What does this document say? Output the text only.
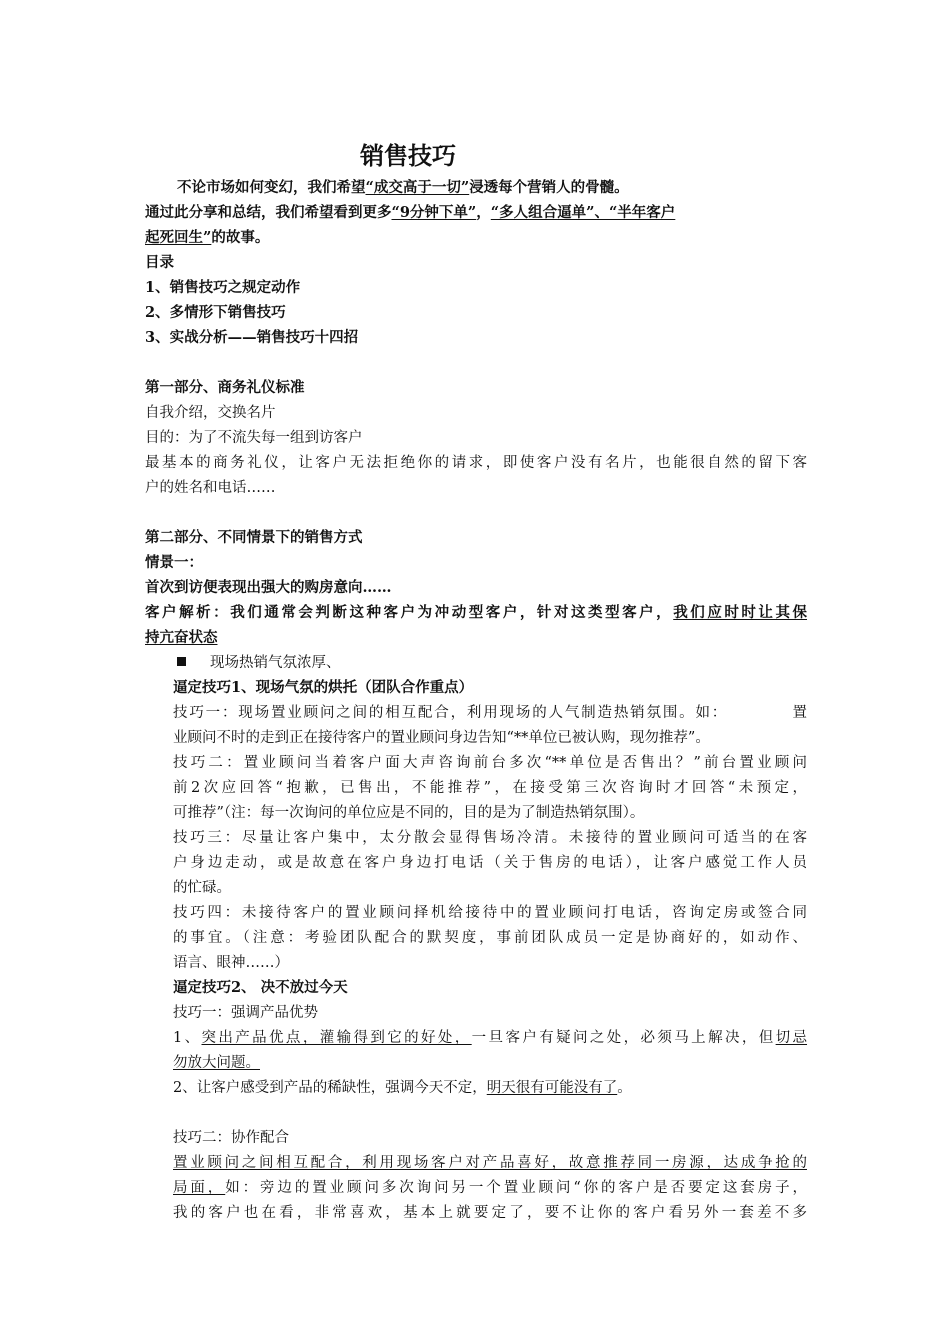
销售技巧
不论市场如何变幻，我们希望“成交高于一切”浸透每个营销人的骨髓。
通过此分享和总结，我们希望看到更多“9分钟下单”，“多人组合逼单”、“半年客户
起死回生”的故事。
目录
1、销售技巧之规定动作
2、多情形下销售技巧
3、实战分析——销售技巧十四招
第一部分、商务礼仪标准
自我介绍，交换名片
目的：为了不流失每一组到访客户
最基本的商务礼仪，让客户无法拒绝你的请求，即使客户没有名片，也能很自然的留下客
户的姓名和电话……
第二部分、不同情景下的销售方式
情景一：
首次到访便表现出强大的购房意向……
客户解析：我们通常会判断这种客户为冲动型客户，针对这类型客户，我们应时时让其保
持亢奋状态
现场热销气氛浓厚、
逼定技巧1、现场气氛的烘托（团队合作重点）
技巧一：现场置业顾问之间的相互配合，利用现场的人气制造热销氛围。如：          置
业顾问不时的走到正在接待客户的置业顾问身边告知“**单位已被认购，现勿推荐”。
技巧二：置业顾问当着客户面大声咨询前台多次“**单位是否售出？”前台置业顾问
前2次应回答“抱歉，已售出，不能推荐”，在接受第三次咨询时才回答“未预定，
可推荐”（注：每一次询问的单位应是不同的，目的是为了制造热销氛围）。
技巧三：尽量让客户集中，太分散会显得售场冷清。未接待的置业顾问可适当的在客
户身边走动，或是故意在客户身边打电话（关于售房的电话），让客户感觉工作人员
的忙碌。
技巧四：未接待客户的置业顾问择机给接待中的置业顾问打电话，咨询定房或签合同
的事宜。（注意：考验团队配合的默契度，事前团队成员一定是协商好的，如动作、
语言、眼神……）
逼定技巧2、 决不放过今天
技巧一：强调产品优势
1、突出产品优点，灌输得到它的好处，一旦客户有疑问之处，必须马上解决，但切忌
勿放大问题。
2、让客户感受到产品的稀缺性，强调今天不定，明天很有可能没有了。
技巧二：协作配合
置业顾问之间相互配合，利用现场客户对产品喜好，故意推荐同一房源，达成争抢的
局面，如：旁边的置业顾问多次询问另一个置业顾问“你的客户是否要定这套房子，
我的客户也在看，非常喜欢，基本上就要定了，要不让你的客户看另外一套差不多
